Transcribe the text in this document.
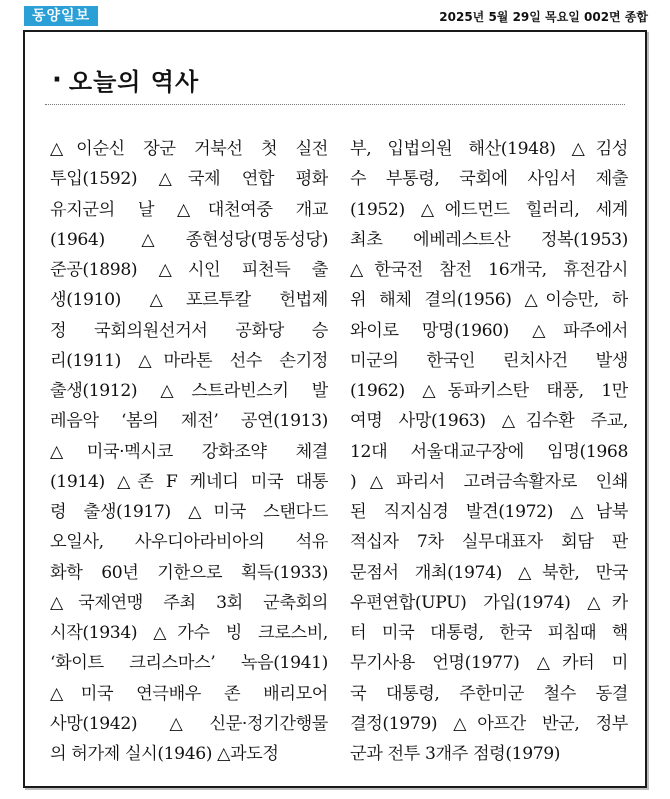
동양일보	2025년 5월 29일 목요일 002면 종합
· 오늘의 역사
△이순신 장군 거북선 첫 실전
투입(1592) △국제 연합 평화
유지군의 날 △대천여중 개교
(1964) △종현성당(명동성당)
준공(1898) △시인 피천득 출
생(1910) △포르투칼 헌법제
정 국회의원선거서 공화당 승
리(1911) △마라톤 선수 손기정
출생(1912) △스트라빈스키 발
레음악 ‘봄의 제전’ 공연(1913)
△미국·멕시코 강화조약 체결
(1914) △존 F 케네디 미국 대통
령 출생(1917) △미국 스탠다드
오일사, 사우디아라비아의 석유
화학 60년 기한으로 획득(1933)
△국제연맹 주최 3회 군축회의
시작(1934) △가수 빙 크로스비,
‘화이트 크리스마스’ 녹음(1941)
△미국 연극배우 존 배리모어
사망(1942) △신문·정기간행물
의 허가제 실시(1946) △과도정
부, 입법의원 해산(1948) △김성
수 부통령, 국회에 사임서 제출
(1952) △에드먼드 힐러리, 세계
최초 에베레스트산 정복(1953)
△한국전 참전 16개국, 휴전감시
위 해체 결의(1956) △이승만, 하
와이로 망명(1960) △파주에서
미군의 한국인 린치사건 발생
(1962) △동파키스탄 태풍, 1만
여명 사망(1963) △김수환 주교,
12대 서울대교구장에 임명(1968
)△파리서 고려금속활자로 인쇄
된 직지심경 발견(1972) △남북
적십자 7차 실무대표자 회담 판
문점서 개최(1974) △북한, 만국
우편연합(UPU) 가입(1974) △카
터 미국 대통령, 한국 피침때 핵
무기사용 언명(1977) △카터 미
국 대통령, 주한미군 철수 동결
결정(1979) △아프간 반군, 정부
군과 전투 3개주 점령(1979)
